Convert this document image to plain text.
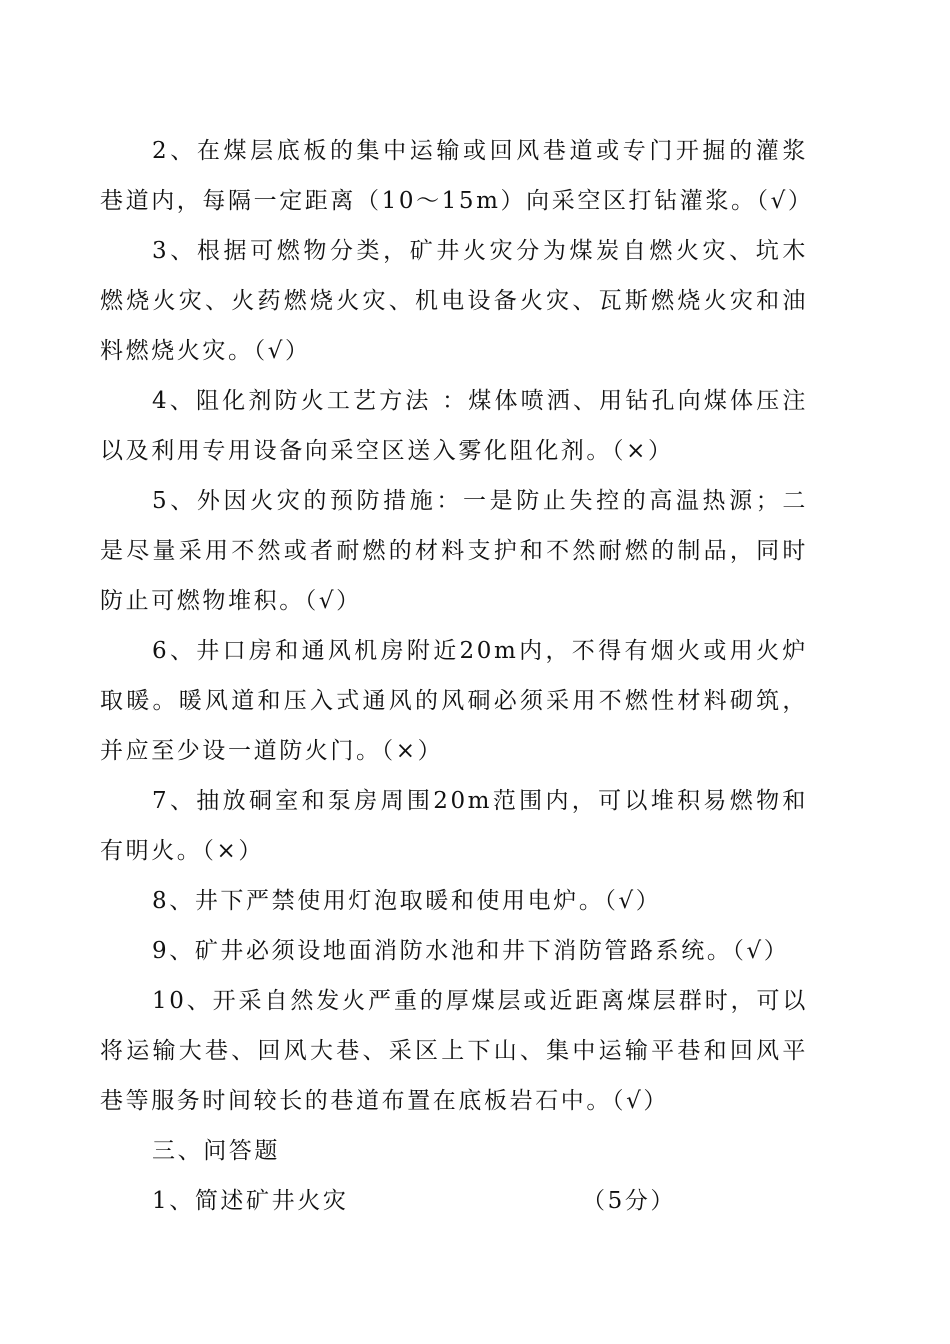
2、在煤层底板的集中运输或回风巷道或专门开掘的灌浆巷道内，每隔一定距离（10～15m）向采空区打钻灌浆。（√）

3、根据可燃物分类，矿井火灾分为煤炭自燃火灾、坑木燃烧火灾、火药燃烧火灾、机电设备火灾、瓦斯燃烧火灾和油料燃烧火灾。（√）

4、阻化剂防火工艺方法 ：煤体喷洒、用钻孔向煤体压注以及利用专用设备向采空区送入雾化阻化剂。（×）

5、外因火灾的预防措施：一是防止失控的高温热源；二是尽量采用不然或者耐燃的材料支护和不然耐燃的制品，同时防止可燃物堆积。（√）

6、井口房和通风机房附近20m内，不得有烟火或用火炉取暖。暖风道和压入式通风的风硐必须采用不燃性材料砌筑，并应至少设一道防火门。（×）

7、抽放硐室和泵房周围20m范围内，可以堆积易燃物和有明火。（×）

8、井下严禁使用灯泡取暖和使用电炉。（√）

9、矿井必须设地面消防水池和井下消防管路系统。（√）

10、开采自然发火严重的厚煤层或近距离煤层群时，可以将运输大巷、回风大巷、采区上下山、集中运输平巷和回风平巷等服务时间较长的巷道布置在底板岩石中。（√）

三、问答题

1、简述矿井火灾	（5分）
